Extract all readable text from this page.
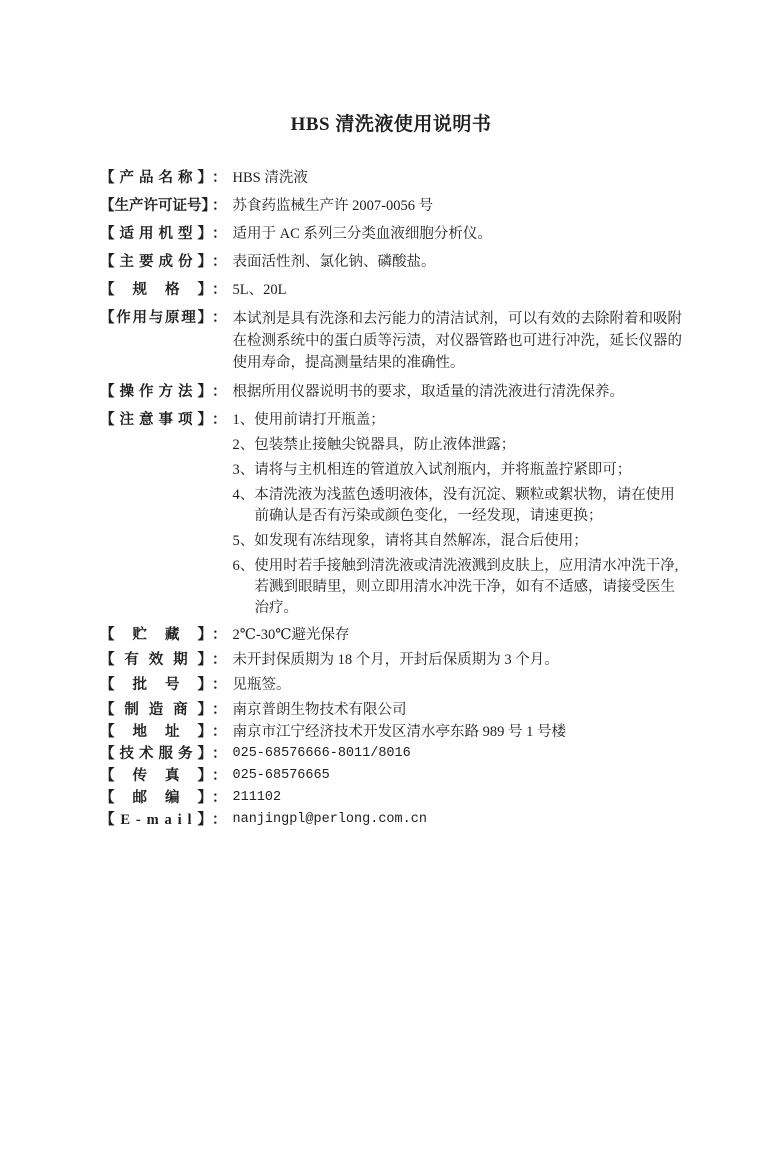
HBS 清洗液使用说明书
【 产 品 名 称 】 ： HBS 清洗液
【 生 产 许 可 证 号 】
： 苏食药监械生产许 2007-0056 号
【 适 用 机 型 】 ： 适用于 AC 系列三分类血液细胞分析仪。
【 主 要 成 份 】 ： 表面活性剂、氯化钠、磷酸盐。
【 规 格 】 ： 5L、20L
【 作 用 与 原 理 】 ： 本试剂是具有洗涤和去污能力的清洁试剂，可以有效的去除附着和吸附在检测系统中的蛋白质等污渍，对仪器管路也可进行冲洗，延长仪器的使用寿命，提高测量结果的准确性。
【 操 作 方 法 】 ： 根据所用仪器说明书的要求，取适量的清洗液进行清洗保养。
【 注 意 事 项 】 ： 1、使用前请打开瓶盖；
2、包装禁止接触尖锐器具，防止液体泄露；
3、请将与主机相连的管道放入试剂瓶内，并将瓶盖拧紧即可；
4、本清洗液为浅蓝色透明液体，没有沉淀、颗粒或絮状物，请在使用前确认是否有污染或颜色变化，一经发现，请速更换；
5、如发现有冻结现象，请将其自然解冻，混合后使用；
6、使用时若手接触到清洗液或清洗液溅到皮肤上，应用清水冲洗干净,若溅到眼睛里，则立即用清水冲洗干净，如有不适感，请接受医生治疗。
【 贮 藏 】 ： 2℃-30℃避光保存
【 有 效 期 】 ： 未开封保质期为 18 个月，开封后保质期为 3 个月。
【 批 号 】 ： 见瓶签。
【 制 造 商 】 ： 南京普朗生物技术有限公司
【 地 址 】 ： 南京市江宁经济技术开发区清水亭东路 989 号 1 号楼
【 技 术 服 务 】 ： 025-68576666-8011/8016
【 传 真 】 ： 025-68576665
【 邮 编 】 ： 211102
【 E - m a i l 】 ： nanjingpl@perlong.com.cn
